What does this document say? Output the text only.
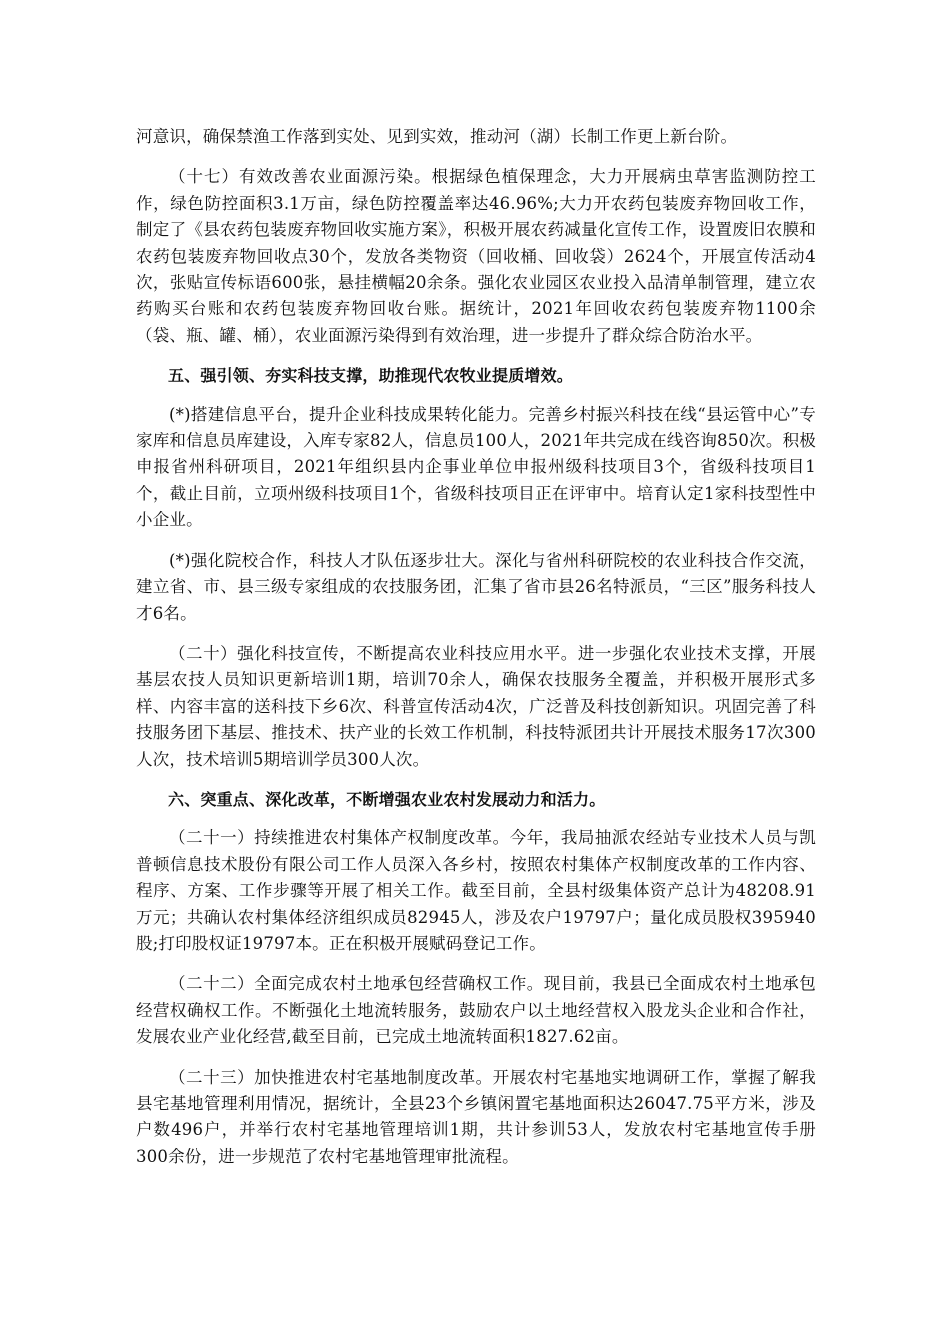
河意识，确保禁渔工作落到实处、见到实效，推动河（湖）长制工作更上新台阶。

（十七）有效改善农业面源污染。根据绿色植保理念，大力开展病虫草害监测防控工作，绿色防控面积3.1万亩，绿色防控覆盖率达46.96%;大力开农药包装废弃物回收工作，制定了《县农药包装废弃物回收实施方案》，积极开展农药减量化宣传工作，设置废旧农膜和农药包装废弃物回收点30个，发放各类物资（回收桶、回收袋）2624个，开展宣传活动4次，张贴宣传标语600张，悬挂横幅20余条。强化农业园区农业投入品清单制管理，建立农药购买台账和农药包装废弃物回收台账。据统计，2021年回收农药包装废弃物1100余（袋、瓶、罐、桶），农业面源污染得到有效治理，进一步提升了群众综合防治水平。

五、强引领、夯实科技支撑，助推现代农牧业提质增效。

(*)搭建信息平台，提升企业科技成果转化能力。完善乡村振兴科技在线“县运管中心”专家库和信息员库建设，入库专家82人，信息员100人，2021年共完成在线咨询850次。积极申报省州科研项目，2021年组织县内企事业单位申报州级科技项目3个，省级科技项目1个，截止目前，立项州级科技项目1个，省级科技项目正在评审中。培育认定1家科技型性中小企业。

(*)强化院校合作，科技人才队伍逐步壮大。深化与省州科研院校的农业科技合作交流，建立省、市、县三级专家组成的农技服务团，汇集了省市县26名特派员，“三区”服务科技人才6名。

（二十）强化科技宣传，不断提高农业科技应用水平。进一步强化农业技术支撑，开展基层农技人员知识更新培训1期，培训70余人，确保农技服务全覆盖，并积极开展形式多样、内容丰富的送科技下乡6次、科普宣传活动4次，广泛普及科技创新知识。巩固完善了科技服务团下基层、推技术、扶产业的长效工作机制，科技特派团共计开展技术服务17次300人次，技术培训5期培训学员300人次。

六、突重点、深化改革，不断增强农业农村发展动力和活力。

（二十一）持续推进农村集体产权制度改革。今年，我局抽派农经站专业技术人员与凯普顿信息技术股份有限公司工作人员深入各乡村，按照农村集体产权制度改革的工作内容、程序、方案、工作步骤等开展了相关工作。截至目前，全县村级集体资产总计为48208.91万元；共确认农村集体经济组织成员82945人，涉及农户19797户；量化成员股权395940股;打印股权证19797本。正在积极开展赋码登记工作。

（二十二）全面完成农村土地承包经营确权工作。现目前，我县已全面成农村土地承包经营权确权工作。不断强化土地流转服务，鼓励农户以土地经营权入股龙头企业和合作社，发展农业产业化经营,截至目前，已完成土地流转面积1827.62亩。

（二十三）加快推进农村宅基地制度改革。开展农村宅基地实地调研工作，掌握了解我县宅基地管理利用情况，据统计，全县23个乡镇闲置宅基地面积达26047.75平方米，涉及户数496户，并举行农村宅基地管理培训1期，共计参训53人，发放农村宅基地宣传手册300余份，进一步规范了农村宅基地管理审批流程。
